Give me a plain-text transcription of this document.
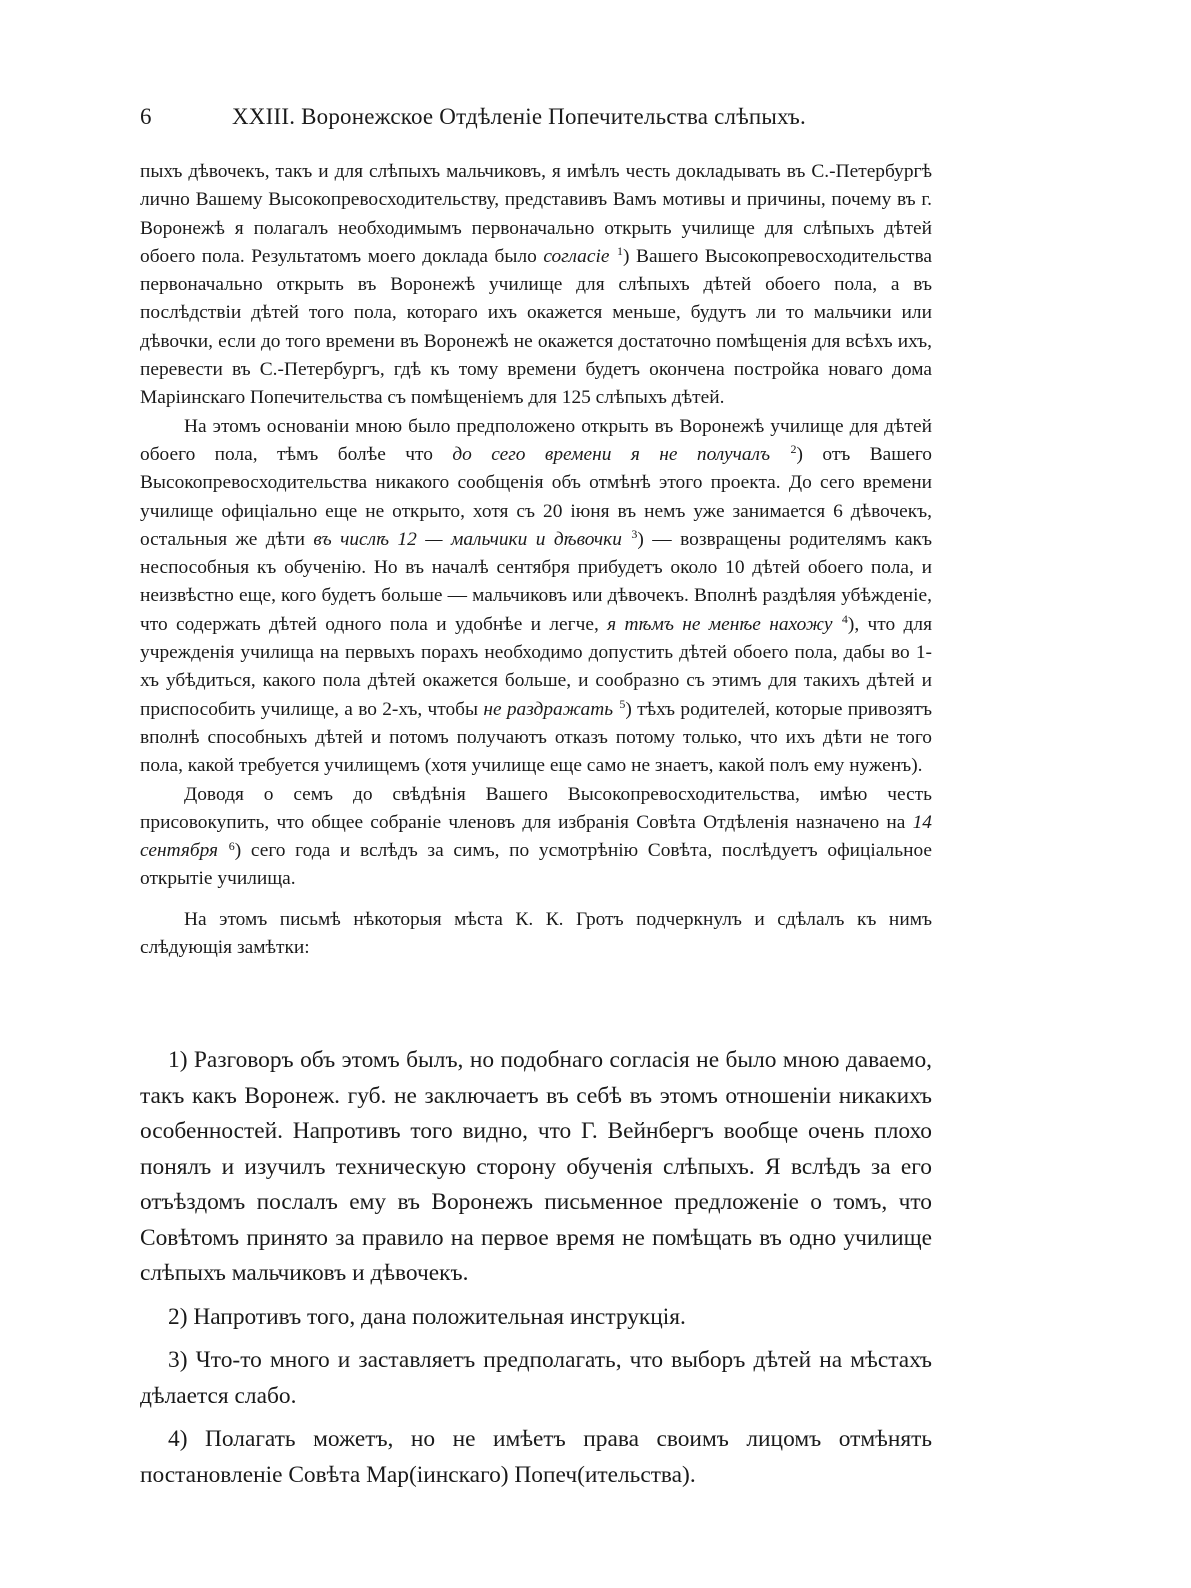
6	XXIII. Воронежское Отдѣленіе Попечительства слѣпыхъ.

пыхъ дѣвочекъ, такъ и для слѣпыхъ мальчиковъ, я имѣлъ честь докладывать въ С.-Петербургѣ лично Вашему Высокопревосходительству, представивъ Вамъ мотивы и причины, почему въ г. Воронежѣ я полагалъ необходимымъ первоначально открыть училище для слѣпыхъ дѣтей обоего пола. Результатомъ моего доклада было согласіе $^1$) Вашего Высокопревосходительства первоначально открыть въ Воронежѣ училище для слѣпыхъ дѣтей обоего пола, а въ послѣдствіи дѣтей того пола, котораго ихъ окажется меньше, будутъ ли то мальчики или дѣвочки, если до того времени въ Воронежѣ не окажется достаточно помѣщенія для всѣхъ ихъ, перевести въ С.-Петербургъ, гдѣ къ тому времени будетъ окончена постройка новаго дома Маріинскаго Попечительства съ помѣщеніемъ для 125 слѣпыхъ дѣтей.

На этомъ основаніи мною было предположено открыть въ Воронежѣ училище для дѣтей обоего пола, тѣмъ болѣе что до сего времени я не получалъ $^2$) отъ Вашего Высокопревосходительства никакого сообщенія объ отмѣнѣ этого проекта. До сего времени училище офиціально еще не открыто, хотя съ 20 іюня въ немъ уже занимается 6 дѣвочекъ, остальныя же дѣти въ числѣ 12 — мальчики и дѣвочки $^3$) — возвращены родителямъ какъ неспособныя къ обученію. Но въ началѣ сентября прибудетъ около 10 дѣтей обоего пола, и неизвѣстно еще, кого будетъ больше — мальчиковъ или дѣвочекъ. Вполнѣ раздѣляя убѣжденіе, что содержать дѣтей одного пола и удобнѣе и легче, я тѣмъ не менѣе нахожу $^4$), что для учрежденія училища на первыхъ порахъ необходимо допустить дѣтей обоего пола, дабы во 1-хъ убѣдиться, какого пола дѣтей окажется больше, и сообразно съ этимъ для такихъ дѣтей и приспособить училище, а во 2-хъ, чтобы не раздражать $^5$) тѣхъ родителей, которые привозятъ вполнѣ способныхъ дѣтей и потомъ получаютъ отказъ потому только, что ихъ дѣти не того пола, какой требуется училищемъ (хотя училище еще само не знаетъ, какой полъ ему нуженъ).

Доводя о семъ до свѣдѣнія Вашего Высокопревосходительства, имѣю честь присовокупить, что общее собраніе членовъ для избранія Совѣта Отдѣленія назначено на 14 сентября $^6$) сего года и вслѣдъ за симъ, по усмотрѣнію Совѣта, послѣдуетъ офиціальное открытіе училища.

На этомъ письмѣ нѣкоторыя мѣста К. К. Гротъ подчеркнулъ и сдѣлалъ къ нимъ слѣдующія замѣтки:

1) Разговоръ объ этомъ былъ, но подобнаго согласія не было мною даваемо, такъ какъ Воронеж. губ. не заключаетъ въ себѣ въ этомъ отношеніи никакихъ особенностей. Напротивъ того видно, что Г. Вейнбергъ вообще очень плохо понялъ и изучилъ техническую сторону обученія слѣпыхъ. Я вслѣдъ за его отъѣздомъ послалъ ему въ Воронежъ письменное предложеніе о томъ, что Совѣтомъ принято за правило на первое время не помѣщать въ одно училище слѣпыхъ мальчиковъ и дѣвочекъ.

2) Напротивъ того, дана положительная инструкція.

3) Что-то много и заставляетъ предполагать, что выборъ дѣтей на мѣстахъ дѣлается слабо.

4) Полагать можетъ, но не имѣетъ права своимъ лицомъ отмѣнять постановленіе Совѣта Мар(іинскаго) Попеч(ительства).
